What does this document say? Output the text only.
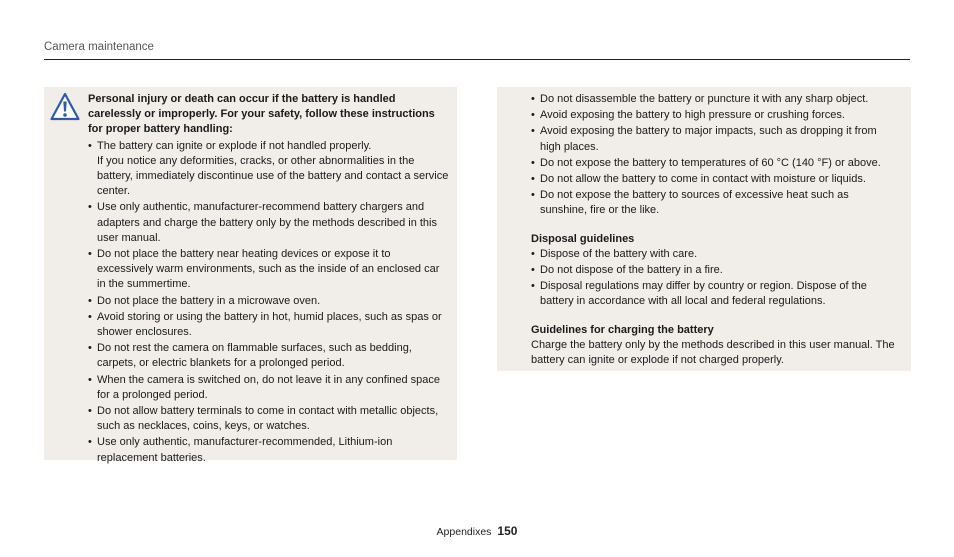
Camera maintenance

Personal injury or death can occur if the battery is handled carelessly or improperly. For your safety, follow these instructions for proper battery handling:

• The battery can ignite or explode if not handled properly.
If you notice any deformities, cracks, or other abnormalities in the battery, immediately discontinue use of the battery and contact a service center.
• Use only authentic, manufacturer-recommend battery chargers and adapters and charge the battery only by the methods described in this user manual.
• Do not place the battery near heating devices or expose it to excessively warm environments, such as the inside of an enclosed car in the summertime.
• Do not place the battery in a microwave oven.
• Avoid storing or using the battery in hot, humid places, such as spas or shower enclosures.
• Do not rest the camera on flammable surfaces, such as bedding, carpets, or electric blankets for a prolonged period.
• When the camera is switched on, do not leave it in any confined space for a prolonged period.
• Do not allow battery terminals to come in contact with metallic objects, such as necklaces, coins, keys, or watches.
• Use only authentic, manufacturer-recommended, Lithium-ion replacement batteries.
• Do not disassemble the battery or puncture it with any sharp object.
• Avoid exposing the battery to high pressure or crushing forces.
• Avoid exposing the battery to major impacts, such as dropping it from high places.
• Do not expose the battery to temperatures of 60 °C (140 °F) or above.
• Do not allow the battery to come in contact with moisture or liquids.
• Do not expose the battery to sources of excessive heat such as sunshine, fire or the like.

Disposal guidelines

• Dispose of the battery with care.
• Do not dispose of the battery in a fire.
• Disposal regulations may differ by country or region. Dispose of the battery in accordance with all local and federal regulations.

Guidelines for charging the battery

Charge the battery only by the methods described in this user manual. The battery can ignite or explode if not charged properly.

Appendixes 150
